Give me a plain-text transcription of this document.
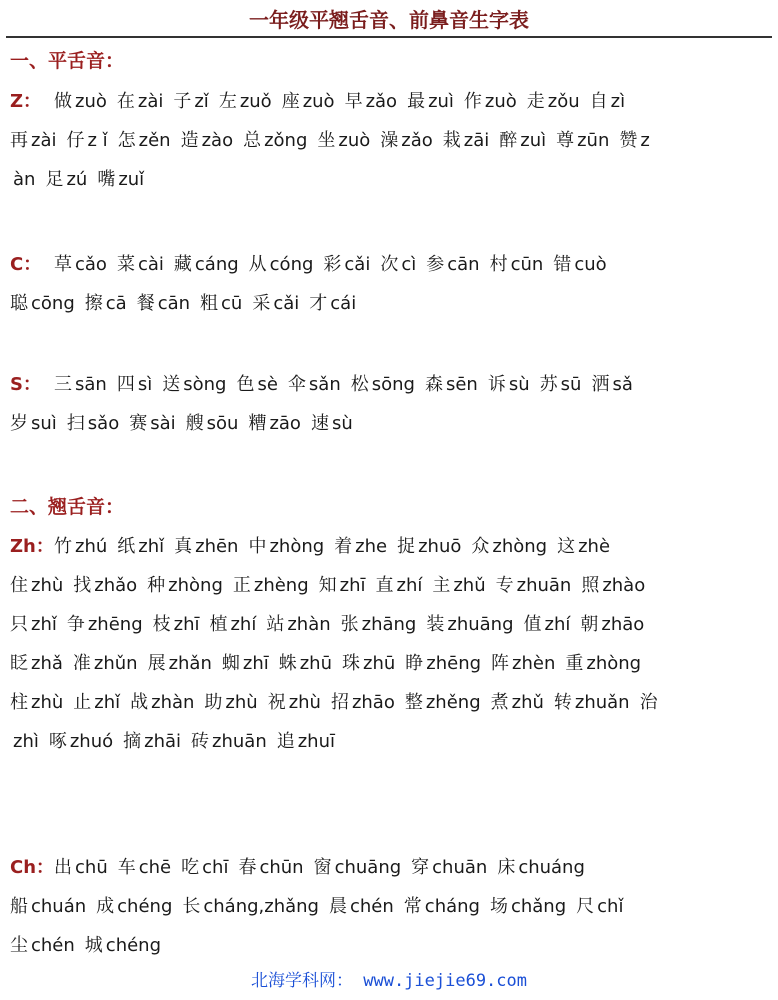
一年级平翘舌音、前鼻音生字表
一、平舌音：
Z： 做 zuò 在 zài 子 zǐ 左 zuǒ 座 zuò 早 zǎo 最 zuì 作 zuò 走 zǒu 自 zì
再 zài 仔 z ǐ 怎 zěn 造 zào 总 zǒng 坐 zuò 澡 zǎo 栽 zāi 醉 zuì 尊 zūn 赞 z
àn 足 zú 嘴 zuǐ
C： 草 cǎo 菜 cài 藏 cáng 从 cóng 彩 cǎi 次 cì 参 cān 村 cūn 错 cuò
聪 cōng 擦 cā 餐 cān 粗 cū 采 cǎi 才 cái
S： 三 sān 四 sì 送 sòng 色 sè 伞 sǎn 松 sōng 森 sēn 诉 sù 苏 sū 洒 sǎ
岁 suì 扫 sǎo 赛 sài 艘 sōu 糟 zāo 速 sù
二、翘舌音：
Zh：竹 zhú 纸 zhǐ 真 zhēn 中 zhòng 着 zhe 捉 zhuō 众 zhòng 这 zhè
住 zhù 找 zhǎo 种 zhòng 正 zhèng 知 zhī 直 zhí 主 zhǔ 专 zhuān 照 zhào
只 zhǐ 争 zhēng 枝 zhī 植 zhí 站 zhàn 张 zhāng 装 zhuāng 值 zhí 朝 zhāo
眨 zhǎ 准 zhǔn 展 zhǎn 蜘 zhī 蛛 zhū 珠 zhū 睁 zhēng 阵 zhèn 重 zhòng
柱 zhù 止 zhǐ 战 zhàn 助 zhù 祝 zhù 招 zhāo 整 zhěng 煮 zhǔ 转 zhuǎn 治
zhì 啄 zhuó 摘 zhāi 砖 zhuān 追 zhuī
Ch：出 chū 车 chē 吃 chī 春 chūn 窗 chuāng 穿 chuān 床 chuáng
船 chuán 成 chéng 长 cháng,zhǎng 晨 chén 常 cháng 场 chǎng 尺 chǐ
尘 chén 城 chéng
北海学科网： www.jiejie69.com
